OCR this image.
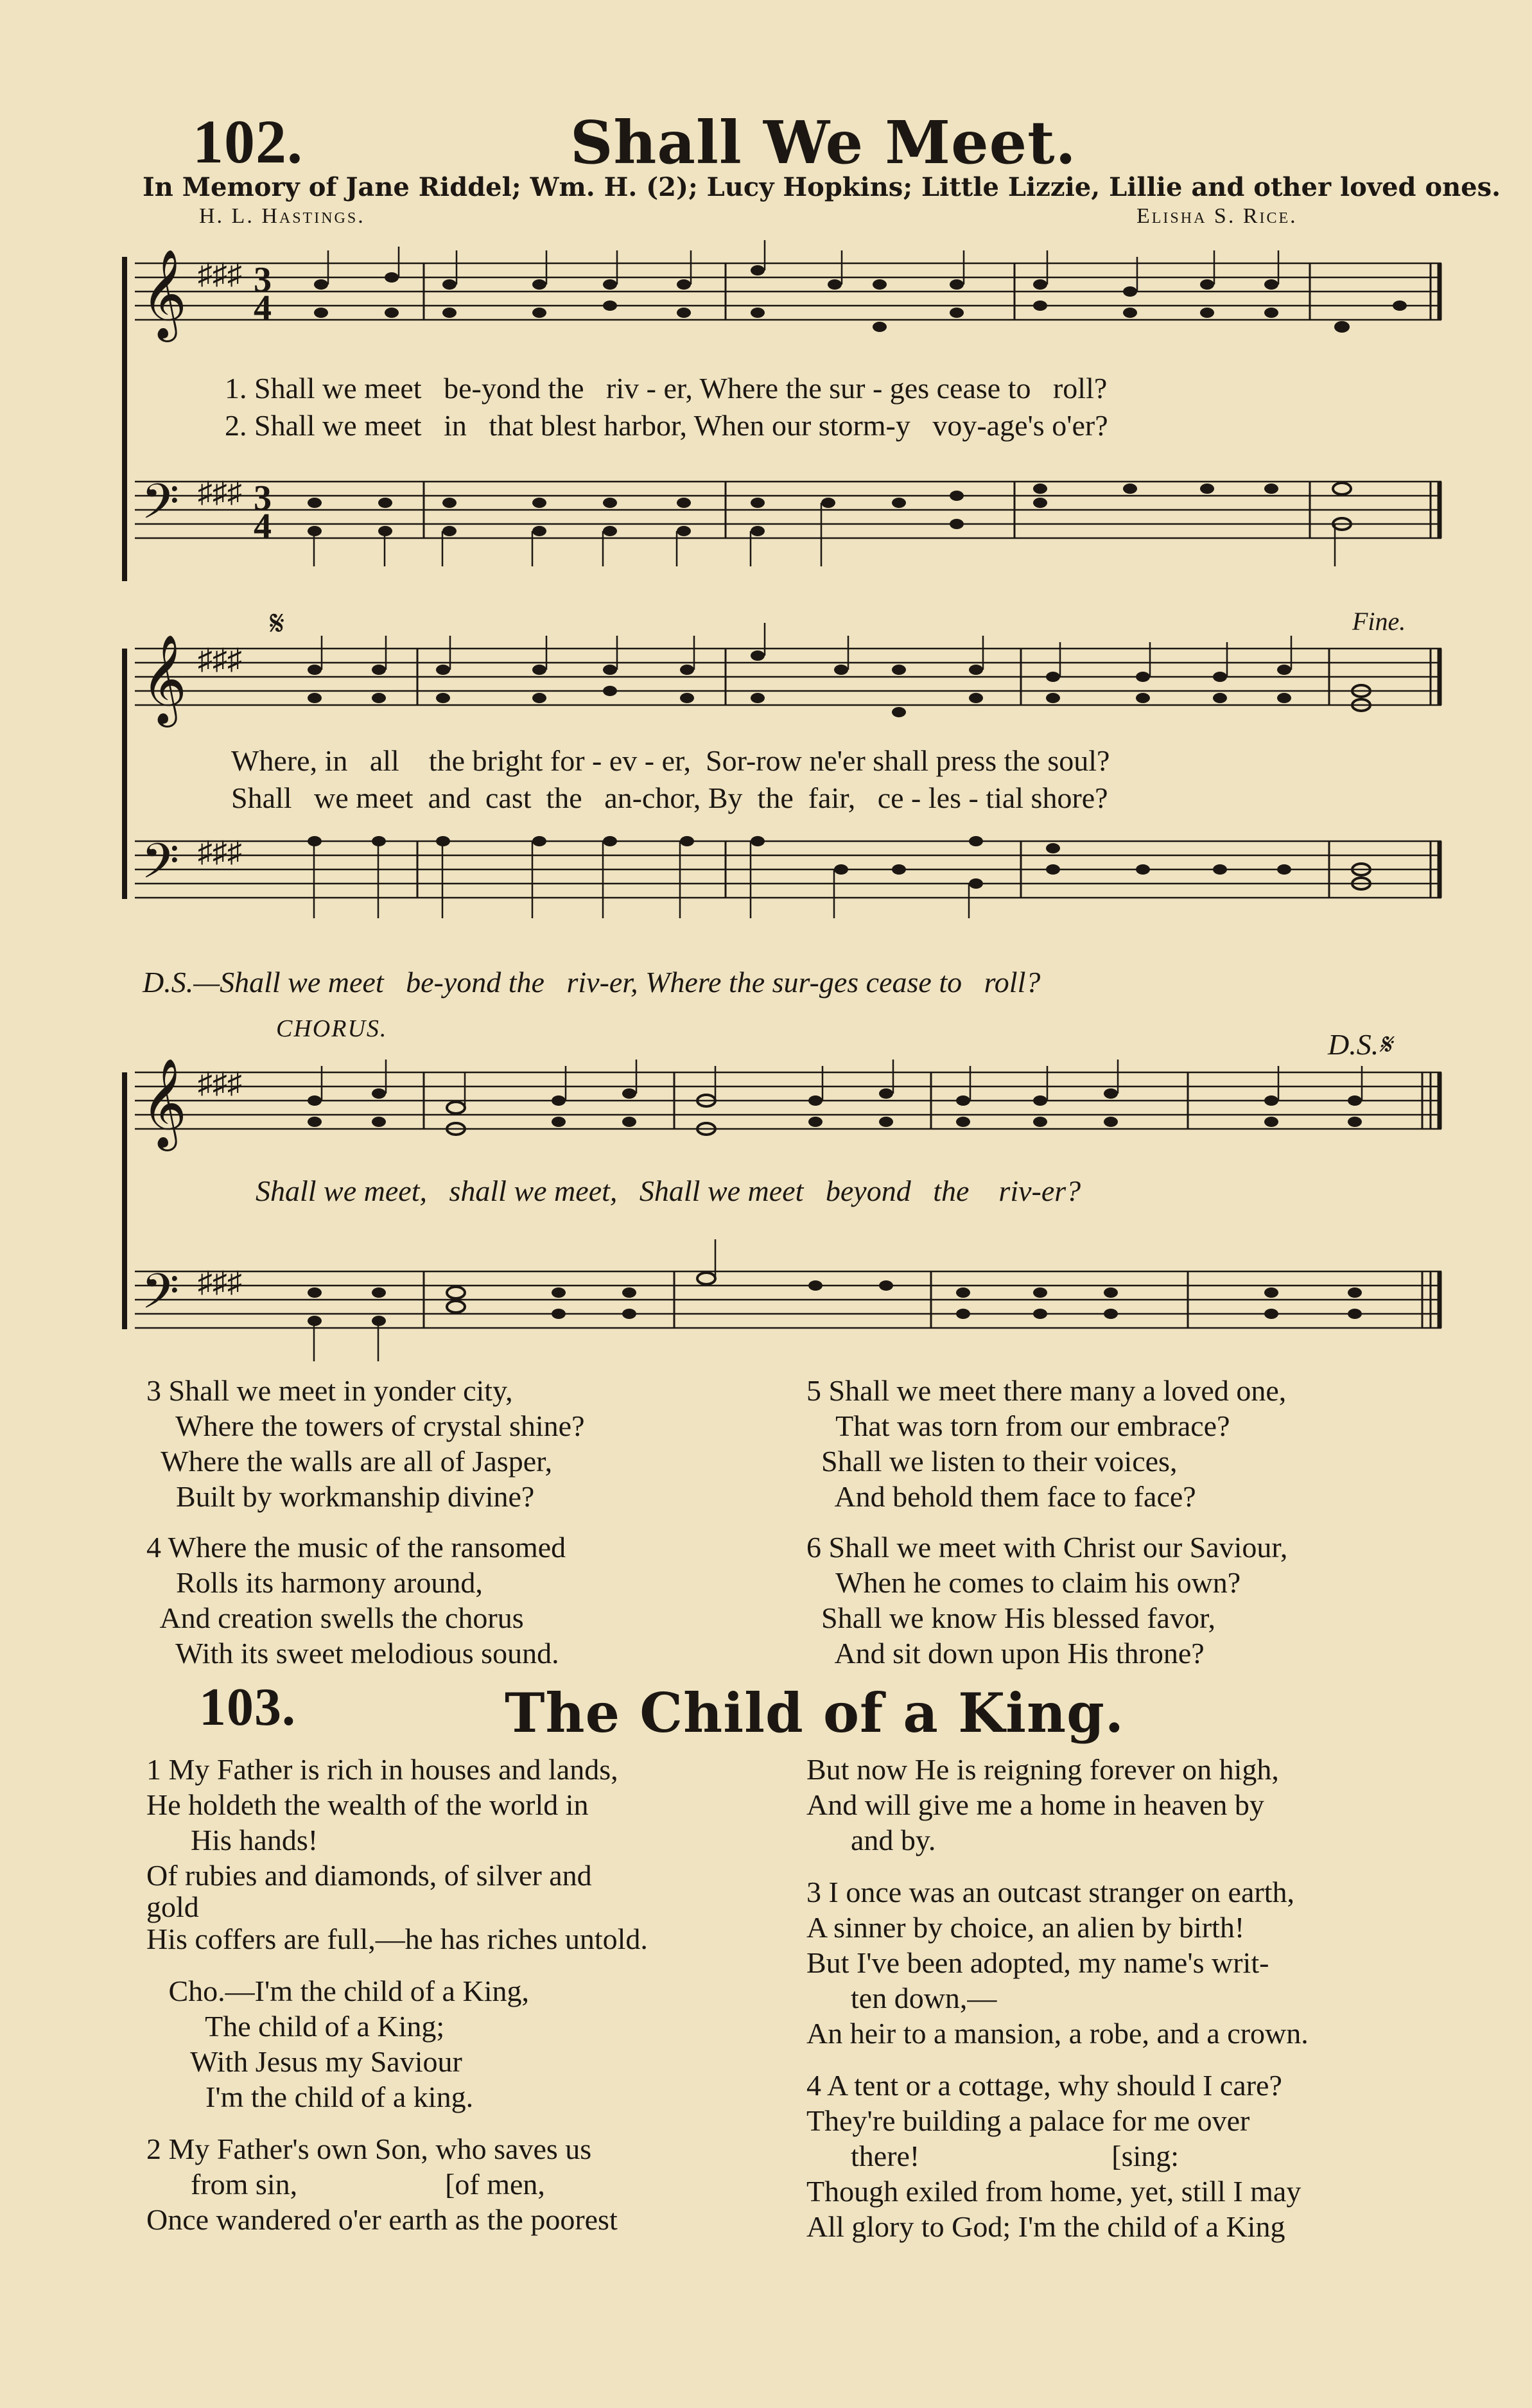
102.	Shall We Meet.
In Memory of Jane Riddel; Wm. H. (2); Lucy Hopkins; Little Lizzie, Lillie and other loved ones.
H. L. Hastings.	Elisha S. Rice.
𝄞
𝄢
♯♯♯
♯♯♯
3
4
3
4
1. Shall we meet   be-yond the   riv - er, Where the sur - ges cease to   roll?
2. Shall we meet   in   that blest harbor, When our storm-y   voy-age's o'er?
𝄞
𝄢
♯♯♯
♯♯♯
𝄋	Fine.
Where, in   all    the bright for - ev - er,  Sor-row ne'er shall press the soul?
Shall   we meet  and  cast  the   an-chor, By  the  fair,   ce - les - tial shore?
D.S.—Shall we meet   be-yond the   riv-er, Where the sur-ges cease to   roll?
CHORUS.	D.S.𝄋
𝄞
𝄢
♯♯♯
♯♯♯
Shall we meet,   shall we meet,   Shall we meet   beyond   the    riv-er?
3 Shall we meet in yonder city,
Where the towers of crystal shine?
Where the walls are all of Jasper,
Built by workmanship divine?
5 Shall we meet there many a loved one,
That was torn from our embrace?
Shall we listen to their voices,
And behold them face to face?
4 Where the music of the ransomed
Rolls its harmony around,
And creation swells the chorus
With its sweet melodious sound.
6 Shall we meet with Christ our Saviour,
When he comes to claim his own?
Shall we know His blessed favor,
And sit down upon His throne?
103.	The Child of a King.
1 My Father is rich in houses and lands,
He holdeth the wealth of the world in
His hands!
Of rubies and diamonds, of silver and
gold
His coffers are full,—he has riches untold.
Cho.—I'm the child of a King,
The child of a King;
With Jesus my Saviour
I'm the child of a king.
2 My Father's own Son, who saves us
from sin,                    [of men,
Once wandered o'er earth as the poorest
But now He is reigning forever on high,
And will give me a home in heaven by
and by.
3 I once was an outcast stranger on earth,
A sinner by choice, an alien by birth!
But I've been adopted, my name's writ-
ten down,—
An heir to a mansion, a robe, and a crown.
4 A tent or a cottage, why should I care?
They're building a palace for me over
there!                          [sing:
Though exiled from home, yet, still I may
All glory to God; I'm the child of a King
